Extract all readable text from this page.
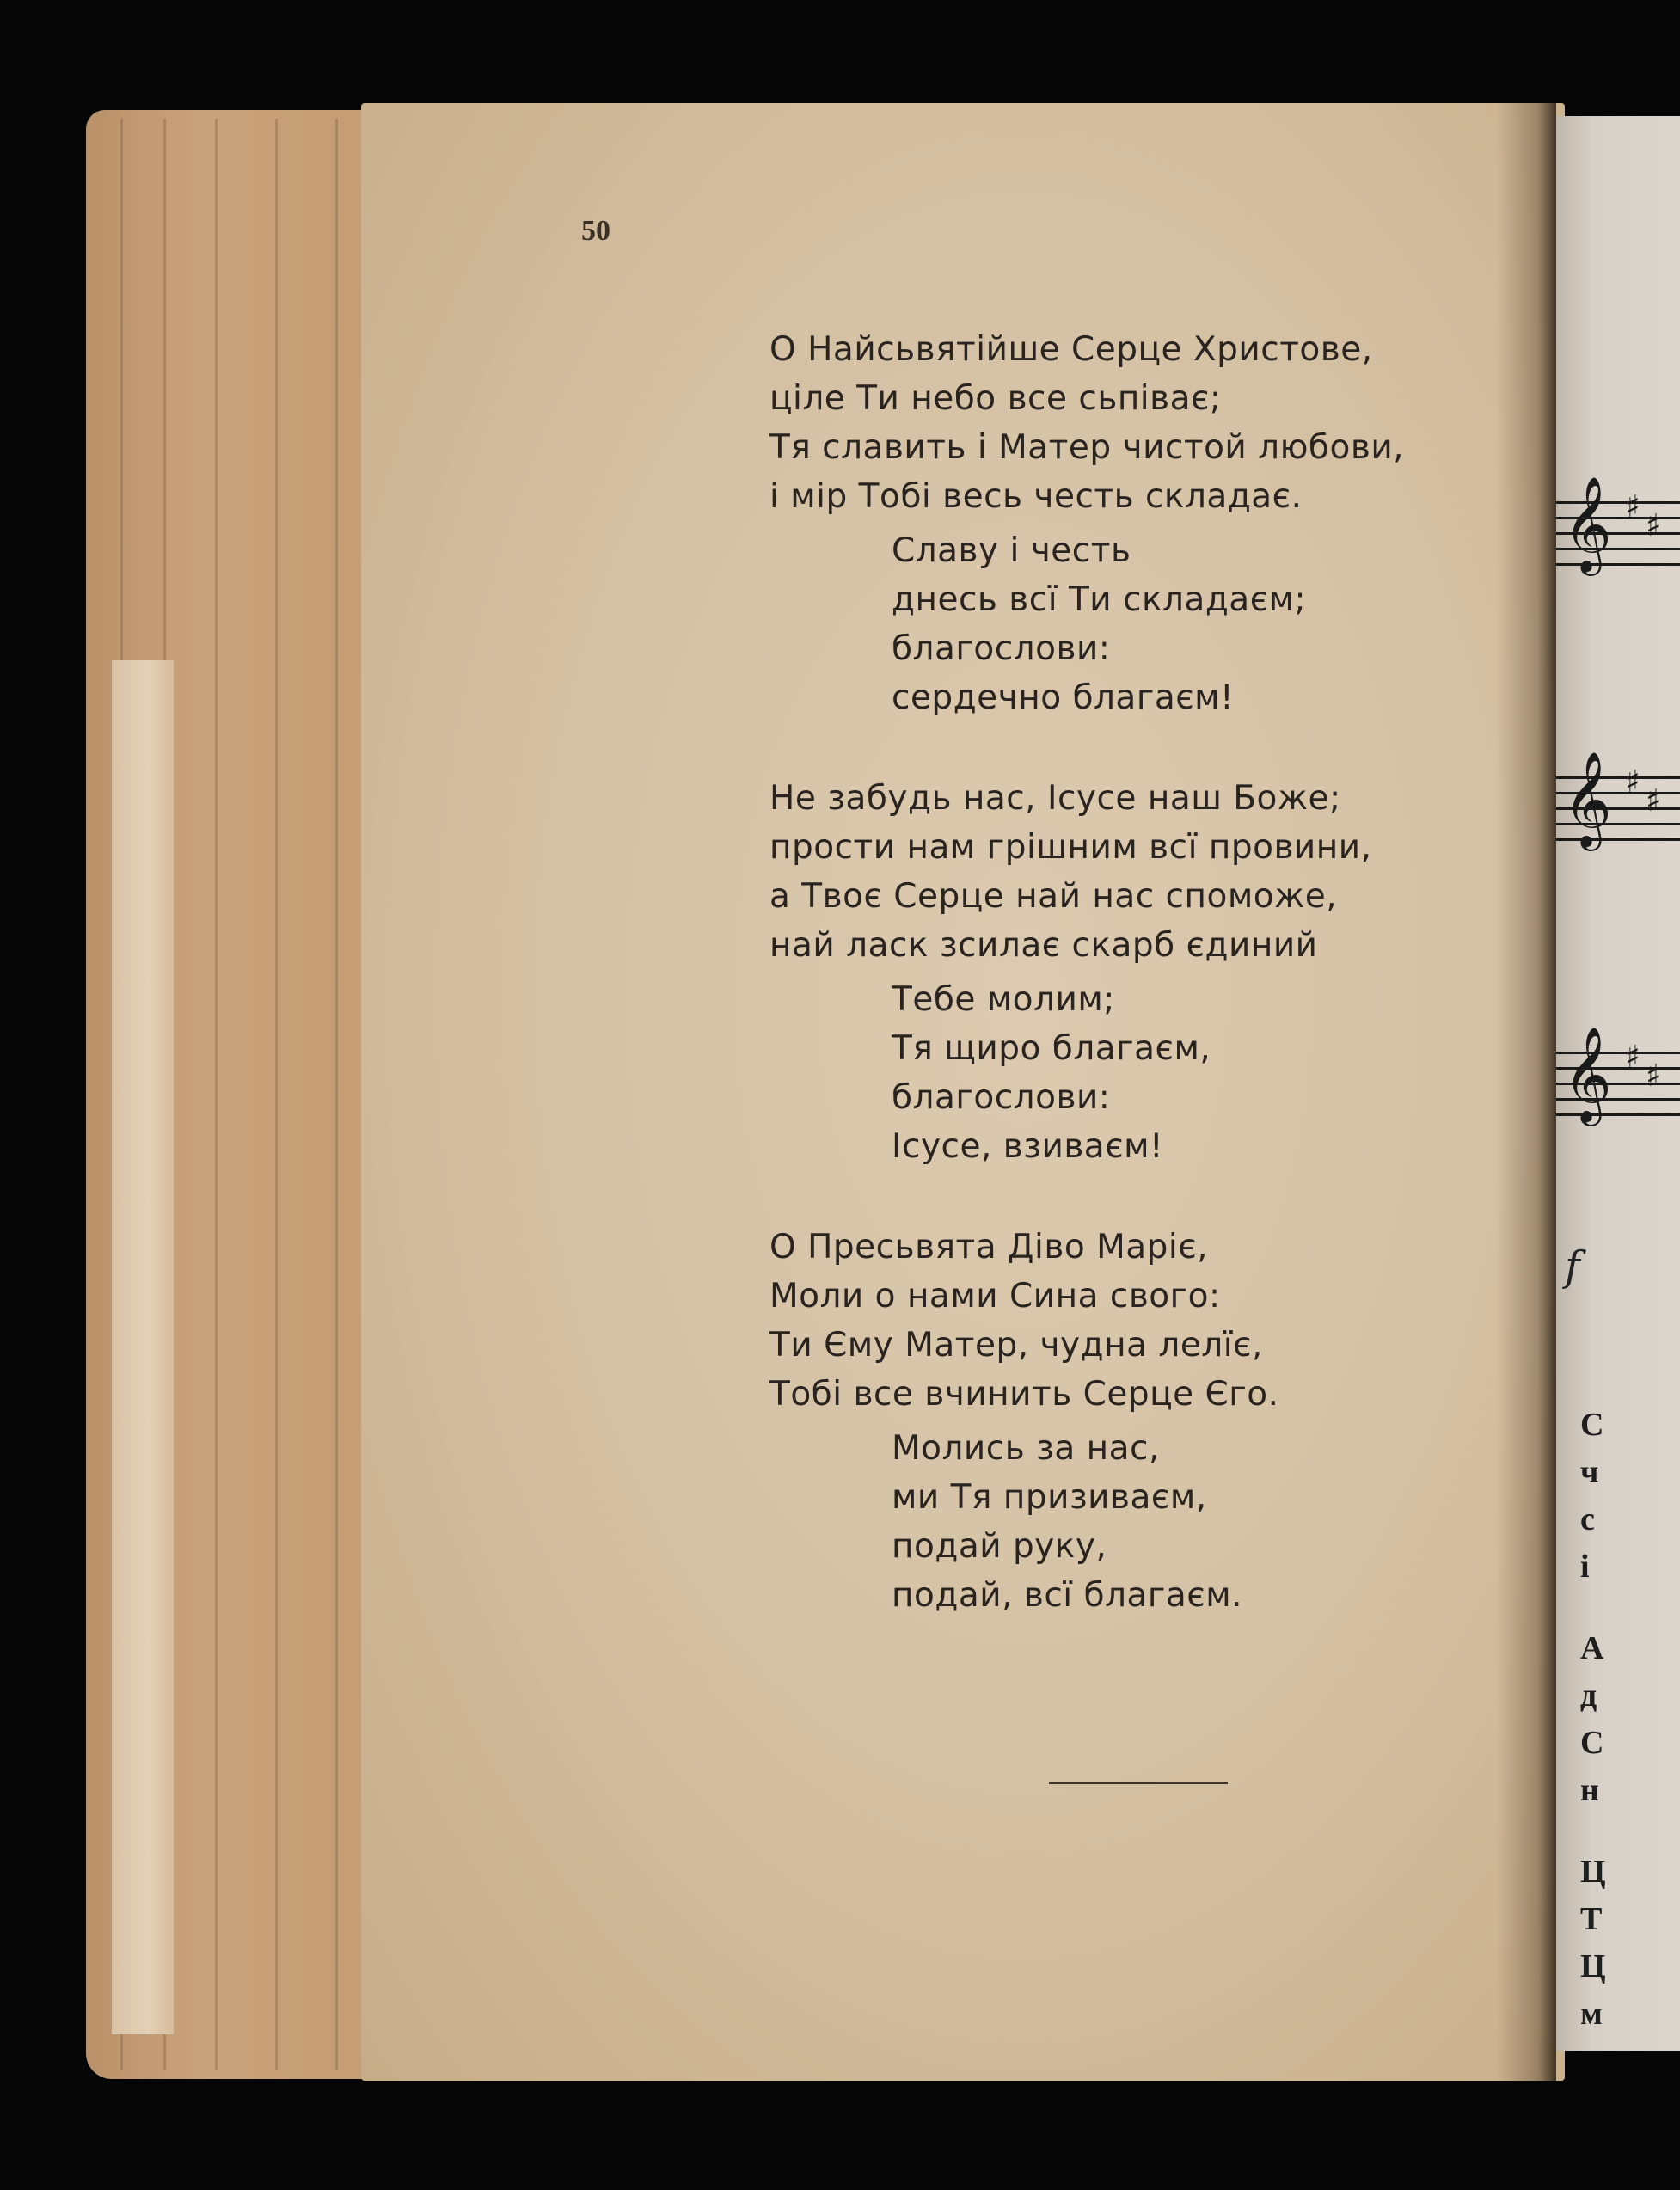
50
О Найсьвятійше Серце Христове,
ціле Ти небо все сьпіває;
Тя славить і Матер чистой любови,
і мір Тобі весь честь складає.
Славу і честь
днесь всї Ти складаєм;
благослови:
сердечно благаєм!
Не забудь нас, Ісусе наш Боже;
прости нам грішним всї провини,
а Твоє Серце най нас споможе,
най ласк зсилає скарб єдиний
Тебе молим;
Тя щиро благаєм,
благослови:
Ісусе, взиваєм!
О Пресьвята Діво Маріє,
Моли о нами Сина свого:
Ти Єму Матер, чудна лелїє,
Тобі все вчинить Серце Єго.
Молись за нас,
ми Тя призиваєм,
подай руку,
подай, всї благаєм.
𝄞 ♯
♯
𝄞 ♯
♯
𝄞 ♯
♯
f
С
ч
с
і
А
д
С
н
Ц
Т
Ц
м
